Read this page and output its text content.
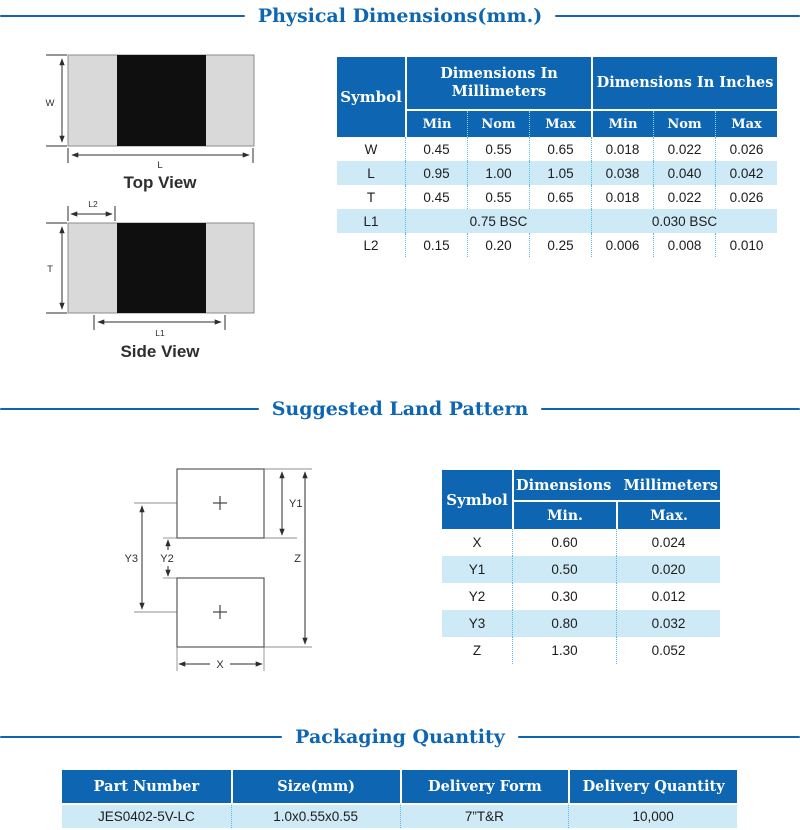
Physical Dimensions(mm.)
W
L
Top View
L2
T
L1
Side View
Symbol	Dimensions In Millimeters			Dimensions In Inches		
	Min	Nom	Max	Min	Nom	Max
W	0.45	0.55	0.65	0.018	0.022	0.026
L	0.95	1.00	1.05	0.038	0.040	0.042
T	0.45	0.55	0.65	0.018	0.022	0.026
L1	0.75 BSC			0.030 BSC		
L2	0.15	0.20	0.25	0.006	0.008	0.010
Suggested Land Pattern
Y1
Z
Y3 Y2
X
Symbol	Dimensions  Millimeters	
	Min.	Max.
X	0.60	0.024
Y1	0.50	0.020
Y2	0.30	0.012
Y3	0.80	0.032
Z	1.30	0.052
Packaging Quantity
Part Number	Size(mm)	Delivery Form	Delivery Quantity
JES0402-5V-LC	1.0x0.55x0.55	7”T&R	10,000
